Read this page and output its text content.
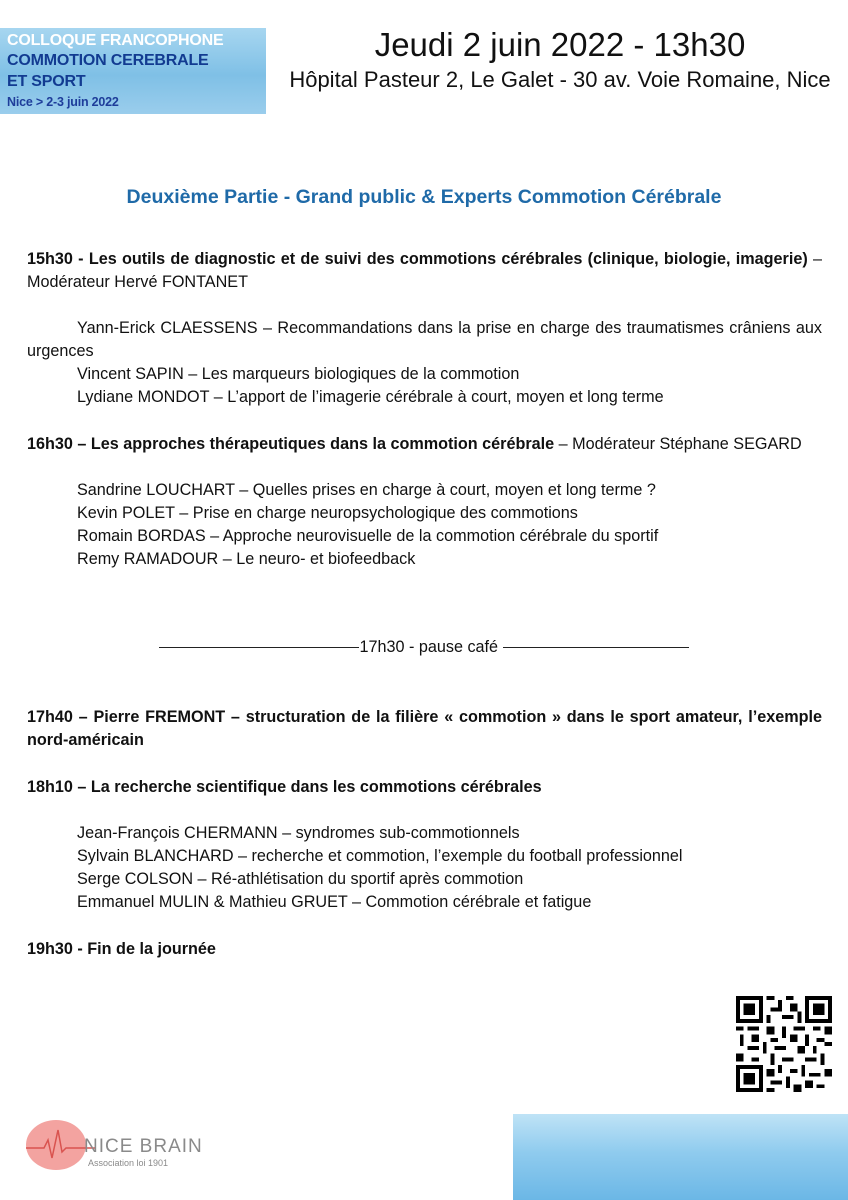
COLLOQUE FRANCOPHONE
COMMOTION CEREBRALE
ET SPORT
Nice > 2-3 juin 2022
Jeudi 2 juin 2022 - 13h30
Hôpital Pasteur 2, Le Galet - 30 av. Voie Romaine, Nice
Deuxième Partie - Grand public & Experts Commotion Cérébrale
15h30 - Les outils de diagnostic et de suivi des commotions cérébrales (clinique, biologie, imagerie) – Modérateur Hervé FONTANET
Yann-Erick CLAESSENS – Recommandations dans la prise en charge des traumatismes crâniens aux urgences
Vincent SAPIN – Les marqueurs biologiques de la commotion
Lydiane MONDOT – L’apport de l’imagerie cérébrale à court, moyen et long terme
16h30 – Les approches thérapeutiques dans la commotion cérébrale – Modérateur Stéphane SEGARD
Sandrine LOUCHART – Quelles prises en charge à court, moyen et long terme ?
Kevin POLET – Prise en charge neuropsychologique des commotions
Romain BORDAS – Approche neurovisuelle de la commotion cérébrale du sportif
Remy RAMADOUR – Le neuro- et biofeedback
17h30 - pause café
17h40 – Pierre FREMONT – structuration de la filière « commotion » dans le sport amateur, l’exemple nord-américain
18h10 – La recherche scientifique dans les commotions cérébrales
Jean-François CHERMANN – syndromes sub-commotionnels
Sylvain BLANCHARD – recherche et commotion, l’exemple du football professionnel
Serge COLSON – Ré-athlétisation du sportif après commotion
Emmanuel MULIN & Mathieu GRUET – Commotion cérébrale et fatigue
19h30 - Fin de la journée
NICE BRAIN
Association loi 1901
